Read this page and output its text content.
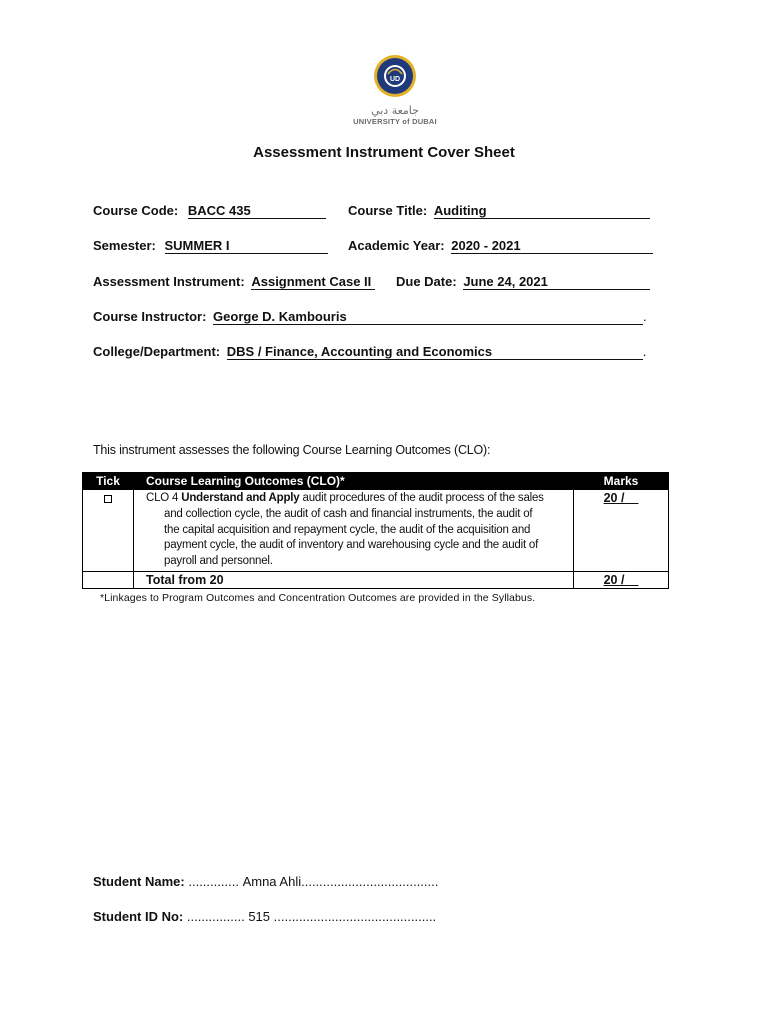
UD
جامعة دبي
UNIVERSITY of DUBAI
Assessment Instrument Cover Sheet
Course Code: BACC 435	Course Title: Auditing
Semester: SUMMER I	Academic Year: 2020 - 2021
Assessment Instrument: Assignment Case II	Due Date: June 24, 2021
Course Instructor: George D. Kambouris	.
College/Department: DBS / Finance, Accounting and Economics	.
This instrument assesses the following Course Learning Outcomes (CLO):
Tick	Course Learning Outcomes (CLO)*	Marks
	CLO 4 Understand and Apply audit procedures of the audit process of the sales
and collection cycle, the audit of cash and financial instruments, the audit of
the capital acquisition and repayment cycle, the audit of the acquisition and
payment cycle, the audit of inventory and warehousing cycle and the audit of
payroll and personnel.	20 /
	Total from 20	20 /
*Linkages to Program Outcomes and Concentration Outcomes are provided in the Syllabus.
Student Name: .............. Amna Ahli......................................
Student ID No: ................ 515 .............................................
